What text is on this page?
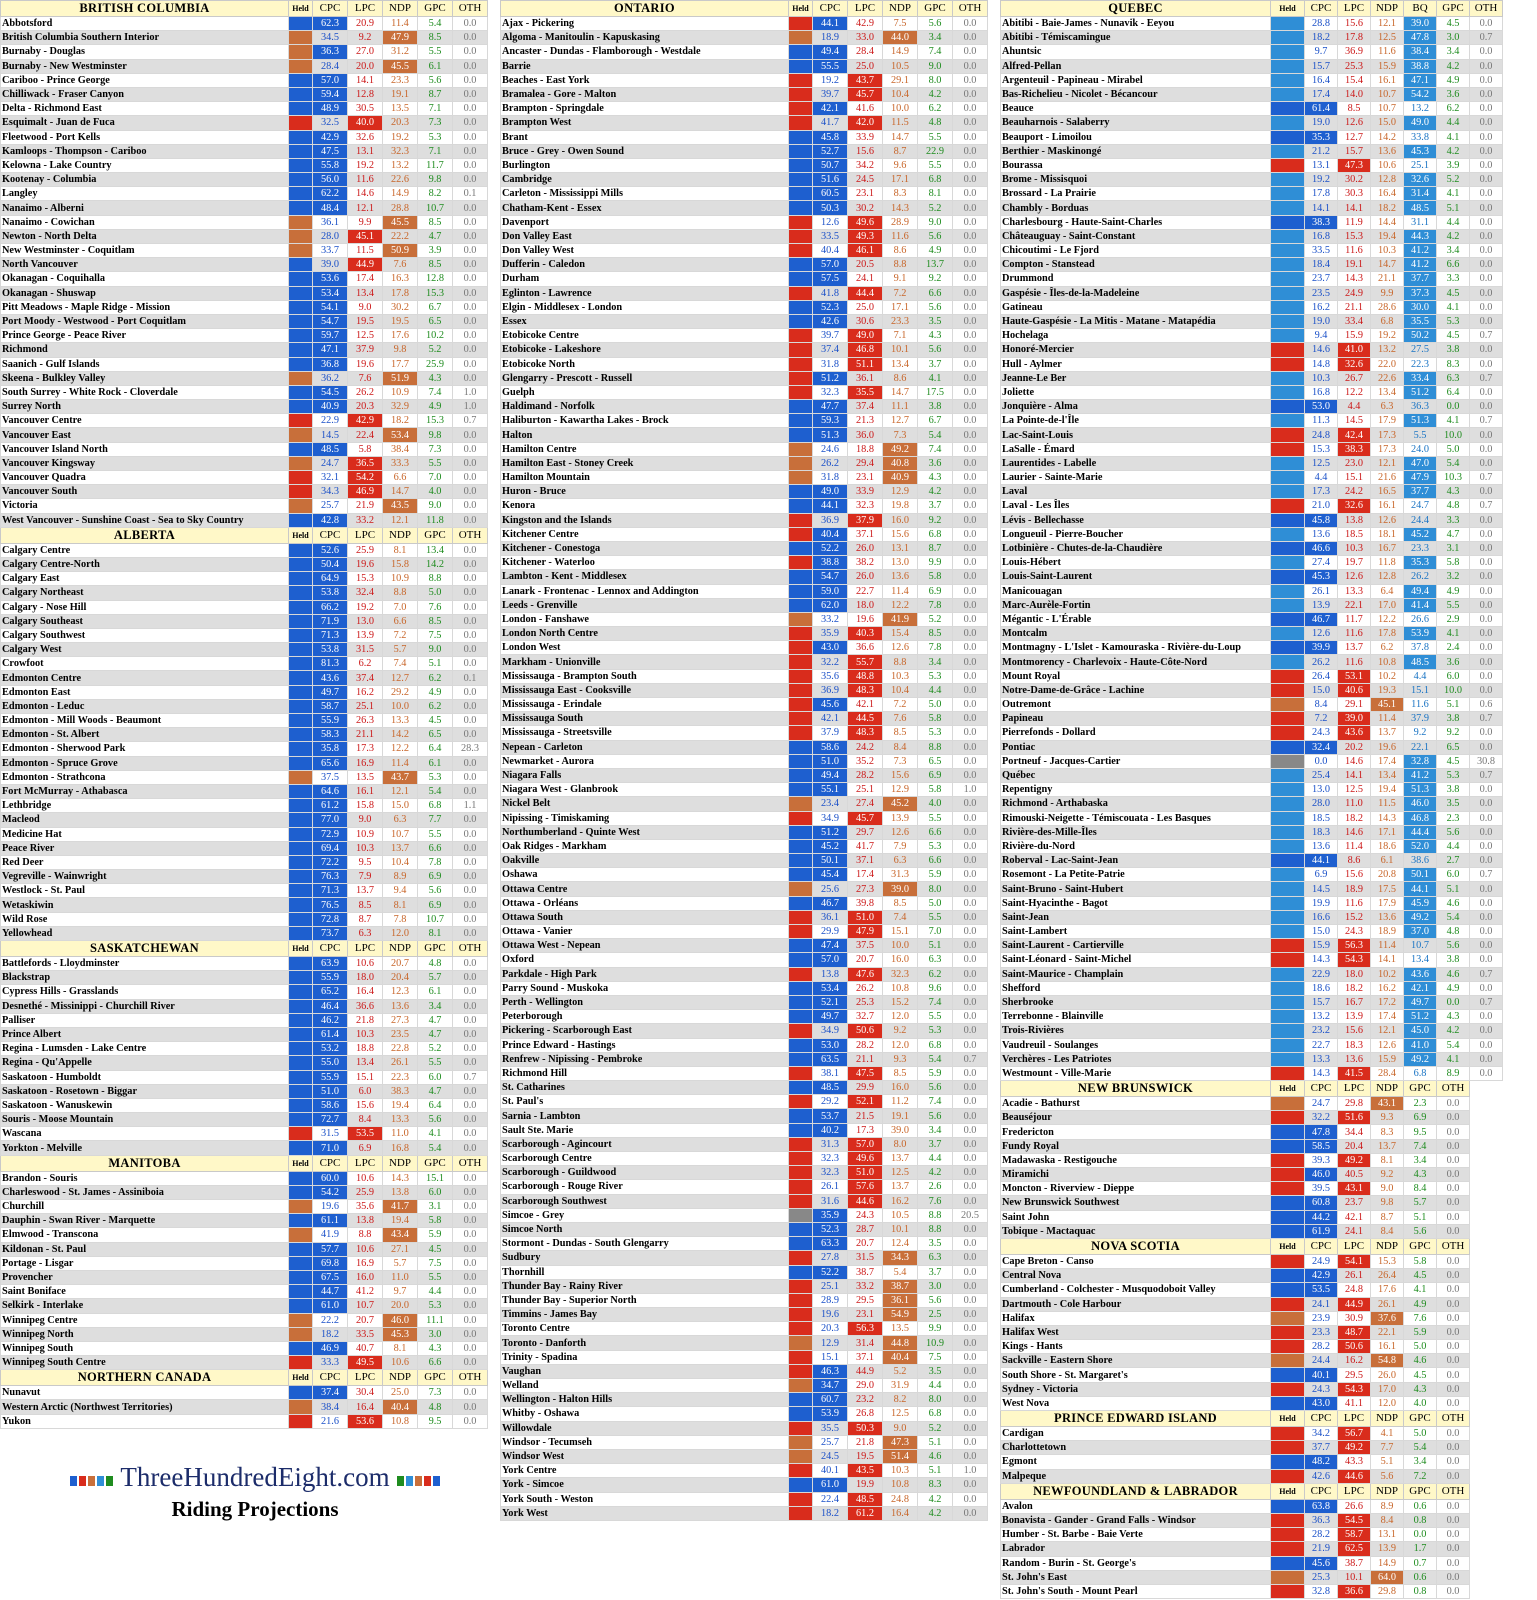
BRITISH COLUMBIA	Held	CPC	LPC	NDP	GPC	OTH
Abbotsford		62.3	20.9	11.4	5.4	0.0
British Columbia Southern Interior		34.5	9.2	47.9	8.5	0.0
Burnaby - Douglas		36.3	27.0	31.2	5.5	0.0
Burnaby - New Westminster		28.4	20.0	45.5	6.1	0.0
Cariboo - Prince George		57.0	14.1	23.3	5.6	0.0
Chilliwack - Fraser Canyon		59.4	12.8	19.1	8.7	0.0
Delta - Richmond East		48.9	30.5	13.5	7.1	0.0
Esquimalt - Juan de Fuca		32.5	40.0	20.3	7.3	0.0
Fleetwood - Port Kells		42.9	32.6	19.2	5.3	0.0
Kamloops - Thompson - Cariboo		47.5	13.1	32.3	7.1	0.0
Kelowna - Lake Country		55.8	19.2	13.2	11.7	0.0
Kootenay - Columbia		56.0	11.6	22.6	9.8	0.0
Langley		62.2	14.6	14.9	8.2	0.1
Nanaimo - Alberni		48.4	12.1	28.8	10.7	0.0
Nanaimo - Cowichan		36.1	9.9	45.5	8.5	0.0
Newton - North Delta		28.0	45.1	22.2	4.7	0.0
New Westminster - Coquitlam		33.7	11.5	50.9	3.9	0.0
North Vancouver		39.0	44.9	7.6	8.5	0.0
Okanagan - Coquihalla		53.6	17.4	16.3	12.8	0.0
Okanagan - Shuswap		53.4	13.4	17.8	15.3	0.0
Pitt Meadows - Maple Ridge - Mission		54.1	9.0	30.2	6.7	0.0
Port Moody - Westwood - Port Coquitlam		54.7	19.5	19.5	6.5	0.0
Prince George - Peace River		59.7	12.5	17.6	10.2	0.0
Richmond		47.1	37.9	9.8	5.2	0.0
Saanich - Gulf Islands		36.8	19.6	17.7	25.9	0.0
Skeena - Bulkley Valley		36.2	7.6	51.9	4.3	0.0
South Surrey - White Rock - Cloverdale		54.5	26.2	10.9	7.4	1.0
Surrey North		40.9	20.3	32.9	4.9	1.0
Vancouver Centre		22.9	42.9	18.2	15.3	0.7
Vancouver East		14.5	22.4	53.4	9.8	0.0
Vancouver Island North		48.5	5.8	38.4	7.3	0.0
Vancouver Kingsway		24.7	36.5	33.3	5.5	0.0
Vancouver Quadra		32.1	54.2	6.6	7.0	0.0
Vancouver South		34.3	46.9	14.7	4.0	0.0
Victoria		25.7	21.9	43.5	9.0	0.0
West Vancouver - Sunshine Coast - Sea to Sky Country		42.8	33.2	12.1	11.8	0.0
ALBERTA	Held	CPC	LPC	NDP	GPC	OTH
Calgary Centre		52.6	25.9	8.1	13.4	0.0
Calgary Centre-North		50.4	19.6	15.8	14.2	0.0
Calgary East		64.9	15.3	10.9	8.8	0.0
Calgary Northeast		53.8	32.4	8.8	5.0	0.0
Calgary - Nose Hill		66.2	19.2	7.0	7.6	0.0
Calgary Southeast		71.9	13.0	6.6	8.5	0.0
Calgary Southwest		71.3	13.9	7.2	7.5	0.0
Calgary West		53.8	31.5	5.7	9.0	0.0
Crowfoot		81.3	6.2	7.4	5.1	0.0
Edmonton Centre		43.6	37.4	12.7	6.2	0.1
Edmonton East		49.7	16.2	29.2	4.9	0.0
Edmonton - Leduc		58.7	25.1	10.0	6.2	0.0
Edmonton - Mill Woods - Beaumont		55.9	26.3	13.3	4.5	0.0
Edmonton - St. Albert		58.3	21.1	14.2	6.5	0.0
Edmonton - Sherwood Park		35.8	17.3	12.2	6.4	28.3
Edmonton - Spruce Grove		65.6	16.9	11.4	6.1	0.0
Edmonton - Strathcona		37.5	13.5	43.7	5.3	0.0
Fort McMurray - Athabasca		64.6	16.1	12.1	5.4	0.0
Lethbridge		61.2	15.8	15.0	6.8	1.1
Macleod		77.0	9.0	6.3	7.7	0.0
Medicine Hat		72.9	10.9	10.7	5.5	0.0
Peace River		69.4	10.3	13.7	6.6	0.0
Red Deer		72.2	9.5	10.4	7.8	0.0
Vegreville - Wainwright		76.3	7.9	8.9	6.9	0.0
Westlock - St. Paul		71.3	13.7	9.4	5.6	0.0
Wetaskiwin		76.5	8.5	8.1	6.9	0.0
Wild Rose		72.8	8.7	7.8	10.7	0.0
Yellowhead		73.7	6.3	12.0	8.1	0.0
SASKATCHEWAN	Held	CPC	LPC	NDP	GPC	OTH
Battlefords - Lloydminster		63.9	10.6	20.7	4.8	0.0
Blackstrap		55.9	18.0	20.4	5.7	0.0
Cypress Hills - Grasslands		65.2	16.4	12.3	6.1	0.0
Desnethé - Missinippi - Churchill River		46.4	36.6	13.6	3.4	0.0
Palliser		46.2	21.8	27.3	4.7	0.0
Prince Albert		61.4	10.3	23.5	4.7	0.0
Regina - Lumsden - Lake Centre		53.2	18.8	22.8	5.2	0.0
Regina - Qu'Appelle		55.0	13.4	26.1	5.5	0.0
Saskatoon - Humboldt		55.9	15.1	22.3	6.0	0.7
Saskatoon - Rosetown - Biggar		51.0	6.0	38.3	4.7	0.0
Saskatoon - Wanuskewin		58.6	15.6	19.4	6.4	0.0
Souris - Moose Mountain		72.7	8.4	13.3	5.6	0.0
Wascana		31.5	53.5	11.0	4.1	0.0
Yorkton - Melville		71.0	6.9	16.8	5.4	0.0
MANITOBA	Held	CPC	LPC	NDP	GPC	OTH
Brandon - Souris		60.0	10.6	14.3	15.1	0.0
Charleswood - St. James - Assiniboia		54.2	25.9	13.8	6.0	0.0
Churchill		19.6	35.6	41.7	3.1	0.0
Dauphin - Swan River - Marquette		61.1	13.8	19.4	5.8	0.0
Elmwood - Transcona		41.9	8.8	43.4	5.9	0.0
Kildonan - St. Paul		57.7	10.6	27.1	4.5	0.0
Portage - Lisgar		69.8	16.9	5.7	7.5	0.0
Provencher		67.5	16.0	11.0	5.5	0.0
Saint Boniface		44.7	41.2	9.7	4.4	0.0
Selkirk - Interlake		61.0	10.7	20.0	5.3	0.0
Winnipeg Centre		22.2	20.7	46.0	11.1	0.0
Winnipeg North		18.2	33.5	45.3	3.0	0.0
Winnipeg South		46.9	40.7	8.1	4.3	0.0
Winnipeg South Centre		33.3	49.5	10.6	6.6	0.0
NORTHERN CANADA	Held	CPC	LPC	NDP	GPC	OTH
Nunavut		37.4	30.4	25.0	7.3	0.0
Western Arctic (Northwest Territories)		38.4	16.4	40.4	4.8	0.0
Yukon		21.6	53.6	10.8	9.5	0.0
ONTARIO	Held	CPC	LPC	NDP	GPC	OTH
Ajax - Pickering		44.1	42.9	7.5	5.6	0.0
Algoma - Manitoulin - Kapuskasing		18.9	33.0	44.0	3.4	0.0
Ancaster - Dundas - Flamborough - Westdale		49.4	28.4	14.9	7.4	0.0
Barrie		55.5	25.0	10.5	9.0	0.0
Beaches - East York		19.2	43.7	29.1	8.0	0.0
Bramalea - Gore - Malton		39.7	45.7	10.4	4.2	0.0
Brampton - Springdale		42.1	41.6	10.0	6.2	0.0
Brampton West		41.7	42.0	11.5	4.8	0.0
Brant		45.8	33.9	14.7	5.5	0.0
Bruce - Grey - Owen Sound		52.7	15.6	8.7	22.9	0.0
Burlington		50.7	34.2	9.6	5.5	0.0
Cambridge		51.6	24.5	17.1	6.8	0.0
Carleton - Mississippi Mills		60.5	23.1	8.3	8.1	0.0
Chatham-Kent - Essex		50.3	30.2	14.3	5.2	0.0
Davenport		12.6	49.6	28.9	9.0	0.0
Don Valley East		33.5	49.3	11.6	5.6	0.0
Don Valley West		40.4	46.1	8.6	4.9	0.0
Dufferin - Caledon		57.0	20.5	8.8	13.7	0.0
Durham		57.5	24.1	9.1	9.2	0.0
Eglinton - Lawrence		41.8	44.4	7.2	6.6	0.0
Elgin - Middlesex - London		52.3	25.0	17.1	5.6	0.0
Essex		42.6	30.6	23.3	3.5	0.0
Etobicoke Centre		39.7	49.0	7.1	4.3	0.0
Etobicoke - Lakeshore		37.4	46.8	10.1	5.6	0.0
Etobicoke North		31.8	51.1	13.4	3.7	0.0
Glengarry - Prescott - Russell		51.2	36.1	8.6	4.1	0.0
Guelph		32.3	35.5	14.7	17.5	0.0
Haldimand - Norfolk		47.7	37.4	11.1	3.8	0.0
Haliburton - Kawartha Lakes - Brock		59.3	21.3	12.7	6.7	0.0
Halton		51.3	36.0	7.3	5.4	0.0
Hamilton Centre		24.6	18.8	49.2	7.4	0.0
Hamilton East - Stoney Creek		26.2	29.4	40.8	3.6	0.0
Hamilton Mountain		31.8	23.1	40.9	4.3	0.0
Huron - Bruce		49.0	33.9	12.9	4.2	0.0
Kenora		44.1	32.3	19.8	3.7	0.0
Kingston and the Islands		36.9	37.9	16.0	9.2	0.0
Kitchener Centre		40.4	37.1	15.6	6.8	0.0
Kitchener - Conestoga		52.2	26.0	13.1	8.7	0.0
Kitchener - Waterloo		38.8	38.2	13.0	9.9	0.0
Lambton - Kent - Middlesex		54.7	26.0	13.6	5.8	0.0
Lanark - Frontenac - Lennox and Addington		59.0	22.7	11.4	6.9	0.0
Leeds - Grenville		62.0	18.0	12.2	7.8	0.0
London - Fanshawe		33.2	19.6	41.9	5.2	0.0
London North Centre		35.9	40.3	15.4	8.5	0.0
London West		43.0	36.6	12.6	7.8	0.0
Markham - Unionville		32.2	55.7	8.8	3.4	0.0
Mississauga - Brampton South		35.6	48.8	10.3	5.3	0.0
Mississauga East - Cooksville		36.9	48.3	10.4	4.4	0.0
Mississauga - Erindale		45.6	42.1	7.2	5.0	0.0
Mississauga South		42.1	44.5	7.6	5.8	0.0
Mississauga - Streetsville		37.9	48.3	8.5	5.3	0.0
Nepean - Carleton		58.6	24.2	8.4	8.8	0.0
Newmarket - Aurora		51.0	35.2	7.3	6.5	0.0
Niagara Falls		49.4	28.2	15.6	6.9	0.0
Niagara West - Glanbrook		55.1	25.1	12.9	5.8	1.0
Nickel Belt		23.4	27.4	45.2	4.0	0.0
Nipissing - Timiskaming		34.9	45.7	13.9	5.5	0.0
Northumberland - Quinte West		51.2	29.7	12.6	6.6	0.0
Oak Ridges - Markham		45.2	41.7	7.9	5.3	0.0
Oakville		50.1	37.1	6.3	6.6	0.0
Oshawa		45.4	17.4	31.3	5.9	0.0
Ottawa Centre		25.6	27.3	39.0	8.0	0.0
Ottawa - Orléans		46.7	39.8	8.5	5.0	0.0
Ottawa South		36.1	51.0	7.4	5.5	0.0
Ottawa - Vanier		29.9	47.9	15.1	7.0	0.0
Ottawa West - Nepean		47.4	37.5	10.0	5.1	0.0
Oxford		57.0	20.7	16.0	6.3	0.0
Parkdale - High Park		13.8	47.6	32.3	6.2	0.0
Parry Sound - Muskoka		53.4	26.2	10.8	9.6	0.0
Perth - Wellington		52.1	25.3	15.2	7.4	0.0
Peterborough		49.7	32.7	12.0	5.5	0.0
Pickering - Scarborough East		34.9	50.6	9.2	5.3	0.0
Prince Edward - Hastings		53.0	28.2	12.0	6.8	0.0
Renfrew - Nipissing - Pembroke		63.5	21.1	9.3	5.4	0.7
Richmond Hill		38.1	47.5	8.5	5.9	0.0
St. Catharines		48.5	29.9	16.0	5.6	0.0
St. Paul's		29.2	52.1	11.2	7.4	0.0
Sarnia - Lambton		53.7	21.5	19.1	5.6	0.0
Sault Ste. Marie		40.2	17.3	39.0	3.4	0.0
Scarborough - Agincourt		31.3	57.0	8.0	3.7	0.0
Scarborough Centre		32.3	49.6	13.7	4.4	0.0
Scarborough - Guildwood		32.3	51.0	12.5	4.2	0.0
Scarborough - Rouge River		26.1	57.6	13.7	2.6	0.0
Scarborough Southwest		31.6	44.6	16.2	7.6	0.0
Simcoe - Grey		35.9	24.3	10.5	8.8	20.5
Simcoe North		52.3	28.7	10.1	8.8	0.0
Stormont - Dundas - South Glengarry		63.3	20.7	12.4	3.5	0.0
Sudbury		27.8	31.5	34.3	6.3	0.0
Thornhill		52.2	38.7	5.4	3.7	0.0
Thunder Bay - Rainy River		25.1	33.2	38.7	3.0	0.0
Thunder Bay - Superior North		28.9	29.5	36.1	5.6	0.0
Timmins - James Bay		19.6	23.1	54.9	2.5	0.0
Toronto Centre		20.3	56.3	13.5	9.9	0.0
Toronto - Danforth		12.9	31.4	44.8	10.9	0.0
Trinity - Spadina		15.1	37.1	40.4	7.5	0.0
Vaughan		46.3	44.9	5.2	3.5	0.0
Welland		34.7	29.0	31.9	4.4	0.0
Wellington - Halton Hills		60.7	23.2	8.2	8.0	0.0
Whitby - Oshawa		53.9	26.8	12.5	6.8	0.0
Willowdale		35.5	50.3	9.0	5.2	0.0
Windsor - Tecumseh		25.7	21.8	47.3	5.1	0.0
Windsor West		24.5	19.5	51.4	4.6	0.0
York Centre		40.1	43.5	10.3	5.1	1.0
York - Simcoe		61.0	19.9	10.8	8.3	0.0
York South - Weston		22.4	48.5	24.8	4.2	0.0
York West		18.2	61.2	16.4	4.2	0.0
QUEBEC	Held	CPC	LPC	NDP	BQ	GPC	OTH
Abitibi - Baie-James - Nunavik - Eeyou		28.8	15.6	12.1	39.0	4.5	0.0
Abitibi - Témiscamingue		18.2	17.8	12.5	47.8	3.0	0.7
Ahuntsic		9.7	36.9	11.6	38.4	3.4	0.0
Alfred-Pellan		15.7	25.3	15.9	38.8	4.2	0.0
Argenteuil - Papineau - Mirabel		16.4	15.4	16.1	47.1	4.9	0.0
Bas-Richelieu - Nicolet - Bécancour		17.4	14.0	10.7	54.2	3.6	0.0
Beauce		61.4	8.5	10.7	13.2	6.2	0.0
Beauharnois - Salaberry		19.0	12.6	15.0	49.0	4.4	0.0
Beauport - Limoilou		35.3	12.7	14.2	33.8	4.1	0.0
Berthier - Maskinongé		21.2	15.7	13.6	45.3	4.2	0.0
Bourassa		13.1	47.3	10.6	25.1	3.9	0.0
Brome - Missisquoi		19.2	30.2	12.8	32.6	5.2	0.0
Brossard - La Prairie		17.8	30.3	16.4	31.4	4.1	0.0
Chambly - Borduas		14.1	14.1	18.2	48.5	5.1	0.0
Charlesbourg - Haute-Saint-Charles		38.3	11.9	14.4	31.1	4.4	0.0
Châteauguay - Saint-Constant		16.8	15.3	19.4	44.3	4.2	0.0
Chicoutimi - Le Fjord		33.5	11.6	10.3	41.2	3.4	0.0
Compton - Stanstead		18.4	19.1	14.7	41.2	6.6	0.0
Drummond		23.7	14.3	21.1	37.7	3.3	0.0
Gaspésie - Îles-de-la-Madeleine		23.5	24.9	9.9	37.3	4.5	0.0
Gatineau		16.2	21.1	28.6	30.0	4.1	0.0
Haute-Gaspésie - La Mitis - Matane - Matapédia		19.0	33.4	6.8	35.5	5.3	0.0
Hochelaga		9.4	15.9	19.2	50.2	4.5	0.7
Honoré-Mercier		14.6	41.0	13.2	27.5	3.8	0.0
Hull - Aylmer		14.8	32.6	22.0	22.3	8.3	0.0
Jeanne-Le Ber		10.3	26.7	22.6	33.4	6.3	0.7
Joliette		16.8	12.2	13.4	51.2	6.4	0.0
Jonquière - Alma		53.0	4.4	6.3	36.3	0.0	0.0
La Pointe-de-l'Île		11.3	14.5	17.9	51.3	4.1	0.7
Lac-Saint-Louis		24.8	42.4	17.3	5.5	10.0	0.0
LaSalle - Émard		15.3	38.3	17.3	24.0	5.0	0.0
Laurentides - Labelle		12.5	23.0	12.1	47.0	5.4	0.0
Laurier - Sainte-Marie		4.4	15.1	21.6	47.9	10.3	0.7
Laval		17.3	24.2	16.5	37.7	4.3	0.0
Laval - Les Îles		21.0	32.6	16.1	24.7	4.8	0.7
Lévis - Bellechasse		45.8	13.8	12.6	24.4	3.3	0.0
Longueuil - Pierre-Boucher		13.6	18.5	18.1	45.2	4.7	0.0
Lotbinière - Chutes-de-la-Chaudière		46.6	10.3	16.7	23.3	3.1	0.0
Louis-Hébert		27.4	19.7	11.8	35.3	5.8	0.0
Louis-Saint-Laurent		45.3	12.6	12.8	26.2	3.2	0.0
Manicouagan		26.1	13.3	6.4	49.4	4.9	0.0
Marc-Aurèle-Fortin		13.9	22.1	17.0	41.4	5.5	0.0
Mégantic - L'Érable		46.7	11.7	12.2	26.6	2.9	0.0
Montcalm		12.6	11.6	17.8	53.9	4.1	0.0
Montmagny - L'Islet - Kamouraska - Rivière-du-Loup		39.9	13.7	6.2	37.8	2.4	0.0
Montmorency - Charlevoix - Haute-Côte-Nord		26.2	11.6	10.8	48.5	3.6	0.0
Mount Royal		26.4	53.1	10.2	4.4	6.0	0.0
Notre-Dame-de-Grâce - Lachine		15.0	40.6	19.3	15.1	10.0	0.0
Outremont		8.4	29.1	45.1	11.6	5.1	0.6
Papineau		7.2	39.0	11.4	37.9	3.8	0.7
Pierrefonds - Dollard		24.3	43.6	13.7	9.2	9.2	0.0
Pontiac		32.4	20.2	19.6	22.1	6.5	0.0
Portneuf - Jacques-Cartier		0.0	14.6	17.4	32.8	4.5	30.8
Québec		25.4	14.1	13.4	41.2	5.3	0.7
Repentigny		13.0	12.5	19.4	51.3	3.8	0.0
Richmond - Arthabaska		28.0	11.0	11.5	46.0	3.5	0.0
Rimouski-Neigette - Témiscouata - Les Basques		18.5	18.2	14.3	46.8	2.3	0.0
Rivière-des-Mille-Îles		18.3	14.6	17.1	44.4	5.6	0.0
Rivière-du-Nord		13.6	11.4	18.6	52.0	4.4	0.0
Roberval - Lac-Saint-Jean		44.1	8.6	6.1	38.6	2.7	0.0
Rosemont - La Petite-Patrie		6.9	15.6	20.8	50.1	6.0	0.7
Saint-Bruno - Saint-Hubert		14.5	18.9	17.5	44.1	5.1	0.0
Saint-Hyacinthe - Bagot		19.9	11.6	17.9	45.9	4.6	0.0
Saint-Jean		16.6	15.2	13.6	49.2	5.4	0.0
Saint-Lambert		15.0	24.3	18.9	37.0	4.8	0.0
Saint-Laurent - Cartierville		15.9	56.3	11.4	10.7	5.6	0.0
Saint-Léonard - Saint-Michel		14.3	54.3	14.1	13.4	3.8	0.0
Saint-Maurice - Champlain		22.9	18.0	10.2	43.6	4.6	0.7
Shefford		18.6	18.2	16.2	42.1	4.9	0.0
Sherbrooke		15.7	16.7	17.2	49.7	0.0	0.7
Terrebonne - Blainville		13.2	13.9	17.4	51.2	4.3	0.0
Trois-Rivières		23.2	15.6	12.1	45.0	4.2	0.0
Vaudreuil - Soulanges		22.7	18.3	12.6	41.0	5.4	0.0
Verchères - Les Patriotes		13.3	13.6	15.9	49.2	4.1	0.0
Westmount - Ville-Marie		14.3	41.5	28.4	6.8	8.9	0.0
NEW BRUNSWICK	Held	CPC	LPC	NDP	GPC	OTH	
Acadie - Bathurst		24.7	29.8	43.1	2.3	0.0	
Beauséjour		32.2	51.6	9.3	6.9	0.0	
Fredericton		47.8	34.4	8.3	9.5	0.0	
Fundy Royal		58.5	20.4	13.7	7.4	0.0	
Madawaska - Restigouche		39.3	49.2	8.1	3.4	0.0	
Miramichi		46.0	40.5	9.2	4.3	0.0	
Moncton - Riverview - Dieppe		39.5	43.1	9.0	8.4	0.0	
New Brunswick Southwest		60.8	23.7	9.8	5.7	0.0	
Saint John		44.2	42.1	8.7	5.1	0.0	
Tobique - Mactaquac		61.9	24.1	8.4	5.6	0.0	
NOVA SCOTIA	Held	CPC	LPC	NDP	GPC	OTH	
Cape Breton - Canso		24.9	54.1	15.3	5.8	0.0	
Central Nova		42.9	26.1	26.4	4.5	0.0	
Cumberland - Colchester - Musquodoboit Valley		53.5	24.8	17.6	4.1	0.0	
Dartmouth - Cole Harbour		24.1	44.9	26.1	4.9	0.0	
Halifax		23.9	30.9	37.6	7.6	0.0	
Halifax West		23.3	48.7	22.1	5.9	0.0	
Kings - Hants		28.2	50.6	16.1	5.0	0.0	
Sackville - Eastern Shore		24.4	16.2	54.8	4.6	0.0	
South Shore - St. Margaret's		40.1	29.5	26.0	4.5	0.0	
Sydney - Victoria		24.3	54.3	17.0	4.3	0.0	
West Nova		43.0	41.1	12.0	4.0	0.0	
PRINCE EDWARD ISLAND	Held	CPC	LPC	NDP	GPC	OTH	
Cardigan		34.2	56.7	4.1	5.0	0.0	
Charlottetown		37.7	49.2	7.7	5.4	0.0	
Egmont		48.2	43.3	5.1	3.4	0.0	
Malpeque		42.6	44.6	5.6	7.2	0.0	
NEWFOUNDLAND & LABRADOR	Held	CPC	LPC	NDP	GPC	OTH	
Avalon		63.8	26.6	8.9	0.6	0.0	
Bonavista - Gander - Grand Falls - Windsor		36.3	54.5	8.4	0.8	0.0	
Humber - St. Barbe - Baie Verte		28.2	58.7	13.1	0.0	0.0	
Labrador		21.9	62.5	13.9	1.7	0.0	
Random - Burin - St. George's		45.6	38.7	14.9	0.7	0.0	
St. John's East		25.3	10.1	64.0	0.6	0.0	
St. John's South - Mount Pearl		32.8	36.6	29.8	0.8	0.0	
ThreeHundredEight.com
Riding Projections
